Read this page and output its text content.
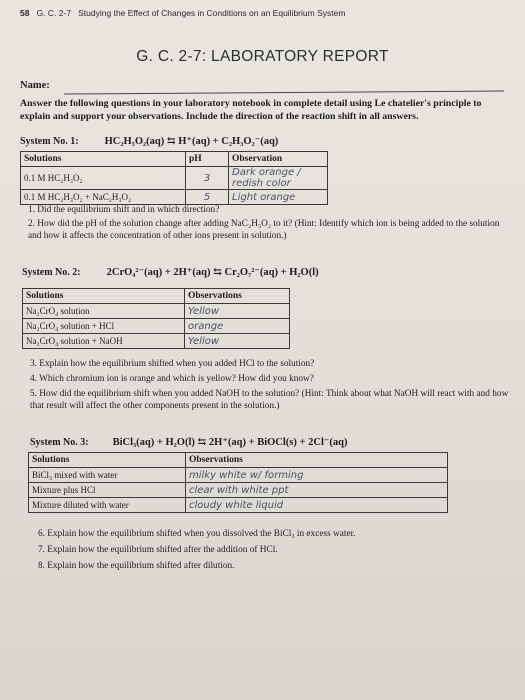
58 G. C. 2-7 Studying the Effect of Changes in Conditions on an Equilibrium System
G. C. 2-7: LABORATORY REPORT
Name:
Answer the following questions in your laboratory notebook in complete detail using Le chatelier's principle to explain and support your observations. Include the direction of the reaction shift in all answers.
System No. 1: HC₂H₃O₂(aq) ⇆ H⁺(aq) + C₂H₃O₂⁻(aq)
Solutions	pH	Observation
0.1 M HC₂H₃O₂	3	Dark orange / redish color
0.1 M HC₂H₃O₂ + NaC₂H₃O₂	5	Light orange
1. Did the equilibrium shift and in which direction?
2. How did the pH of the solution change after adding NaC₂H₃O₂ to it? (Hint: Identify which ion is being added to the solution and how it affects the concentration of other ions present in solution.)
System No. 2: 2CrO₄²⁻(aq) + 2H⁺(aq) ⇆ Cr₂O₇²⁻(aq) + H₂O(l)
Solutions	Observations
Na₂CrO₄ solution	Yellow
Na₂CrO₄ solution + HCl	orange
Na₂CrO₄ solution + NaOH	Yellow
3. Explain how the equilibrium shifted when you added HCl to the solution?
4. Which chromium ion is orange and which is yellow? How did you know?
5. How did the equilibrium shift when you added NaOH to the solution? (Hint: Think about what NaOH will react with and how that result will affect the other components present in the solution.)
System No. 3: BiCl₃(aq) + H₂O(l) ⇆ 2H⁺(aq) + BiOCl(s) + 2Cl⁻(aq)
Solutions	Observations
BiCl₃ mixed with water	milky white w/ forming
Mixture plus HCl	clear with white ppt
Mixture diluted with water	cloudy white liquid
6. Explain how the equilibrium shifted when you dissolved the BiCl₃ in excess water.
7. Explain how the equilibrium shifted after the addition of HCl.
8. Explain how the equilibrium shifted after dilution.
